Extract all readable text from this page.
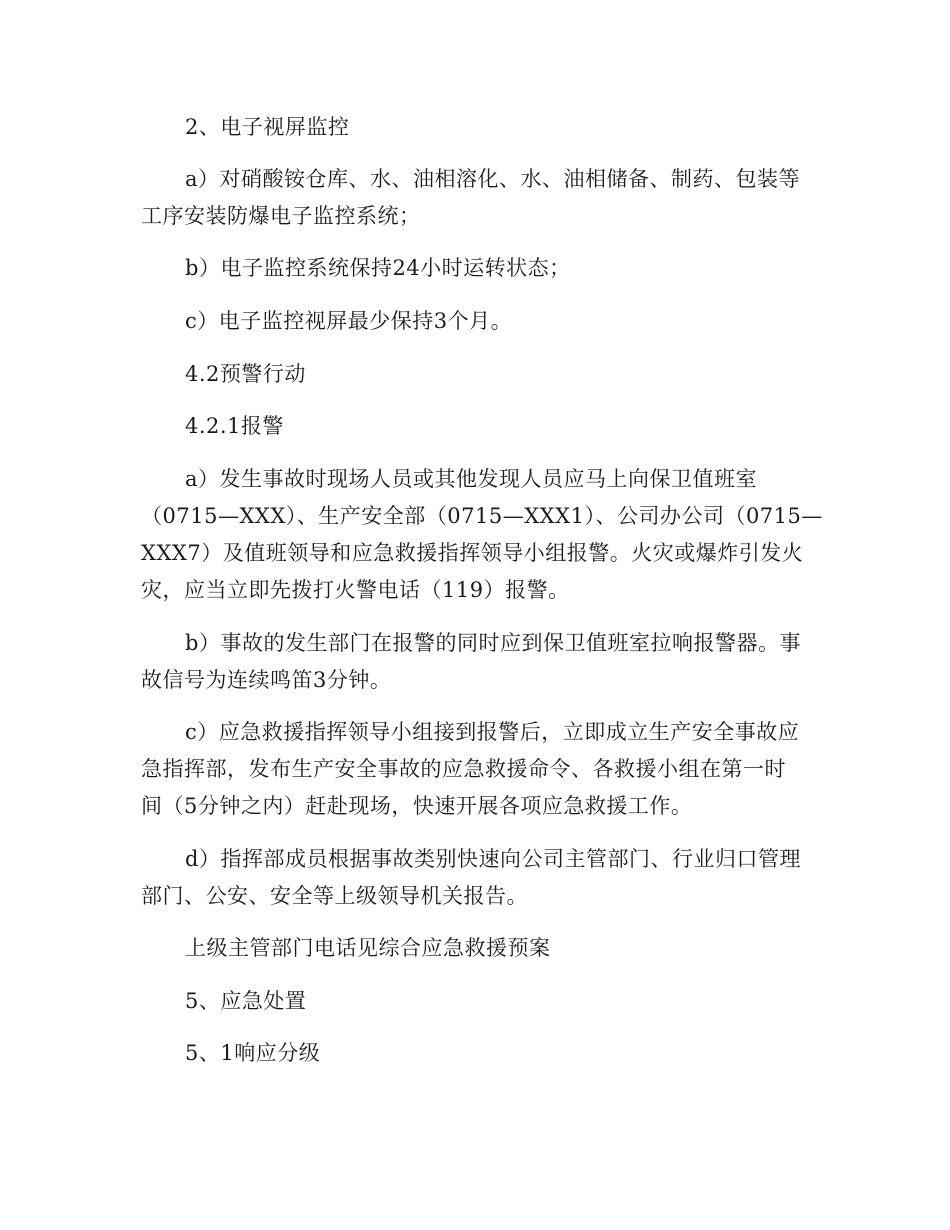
2、电子视屏监控
a）对硝酸铵仓库、水、油相溶化、水、油相储备、制药、包装等
工序安装防爆电子监控系统；
b）电子监控系统保持24小时运转状态；
c）电子监控视屏最少保持3个月。
4.2预警行动
4.2.1报警
a）发生事故时现场人员或其他发现人员应马上向保卫值班室
（0715—XXX）、生产安全部（0715—XXX1）、公司办公司（0715—
XXX7）及值班领导和应急救援指挥领导小组报警。火灾或爆炸引发火
灾，应当立即先拨打火警电话（119）报警。
b）事故的发生部门在报警的同时应到保卫值班室拉响报警器。事
故信号为连续鸣笛3分钟。
c）应急救援指挥领导小组接到报警后，立即成立生产安全事故应
急指挥部，发布生产安全事故的应急救援命令、各救援小组在第一时
间（5分钟之内）赶赴现场，快速开展各项应急救援工作。
d）指挥部成员根据事故类别快速向公司主管部门、行业归口管理
部门、公安、安全等上级领导机关报告。
上级主管部门电话见综合应急救援预案
5、应急处置
5、1响应分级
